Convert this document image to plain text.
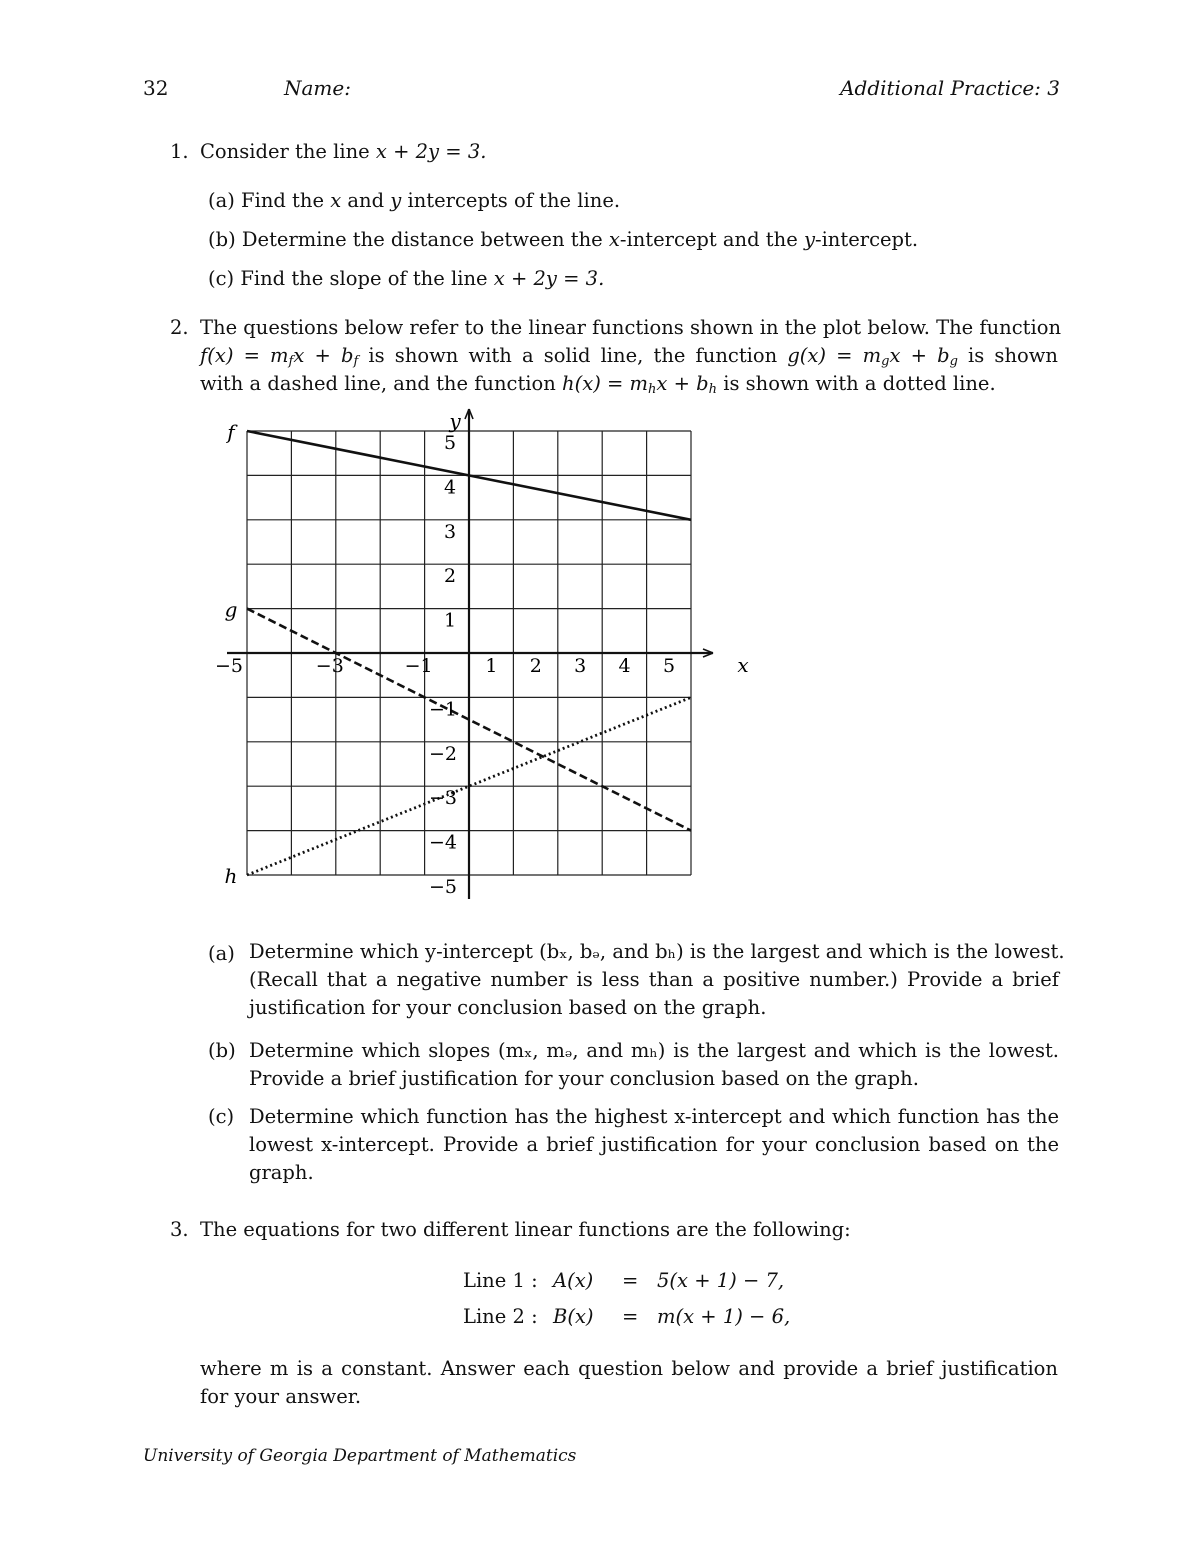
32	Name:	Additional Practice: 3
1. Consider the line x + 2y = 3.
(a) Find the x and y intercepts of the line.
(b) Determine the distance between the x-intercept and the y-intercept.
(c) Find the slope of the line x + 2y = 3.
2. The questions below refer to the linear functions shown in the plot below. The function
$f(x) = m_fx + b_f$ is shown with a solid line, the function $g(x) = m_gx + b_g$ is shown
with a dashed line, and the function $h(x) = m_hx + b_h$ is shown with a dotted line.
x
y
−5	−3	−1	1 2 3 4 5
5
4
3
2
1
−1
−2
−3
−4
−5
f
g
h
(a) Determine which y-intercept (bₓ, bₔ, and bₕ) is the largest and which is the lowest.
(Recall that a negative number is less than a positive number.) Provide a brief
justification for your conclusion based on the graph.
(b) Determine which slopes (mₓ, mₔ, and mₕ) is the largest and which is the lowest.
Provide a brief justification for your conclusion based on the graph.
(c) Determine which function has the highest x-intercept and which function has the
lowest x-intercept. Provide a brief justification for your conclusion based on the
graph.
3. The equations for two different linear functions are the following:
Line 1 : A(x) = 5(x + 1) − 7,
Line 2 : B(x) = m(x + 1) − 6,
where m is a constant. Answer each question below and provide a brief justification
for your answer.
University of Georgia Department of Mathematics
